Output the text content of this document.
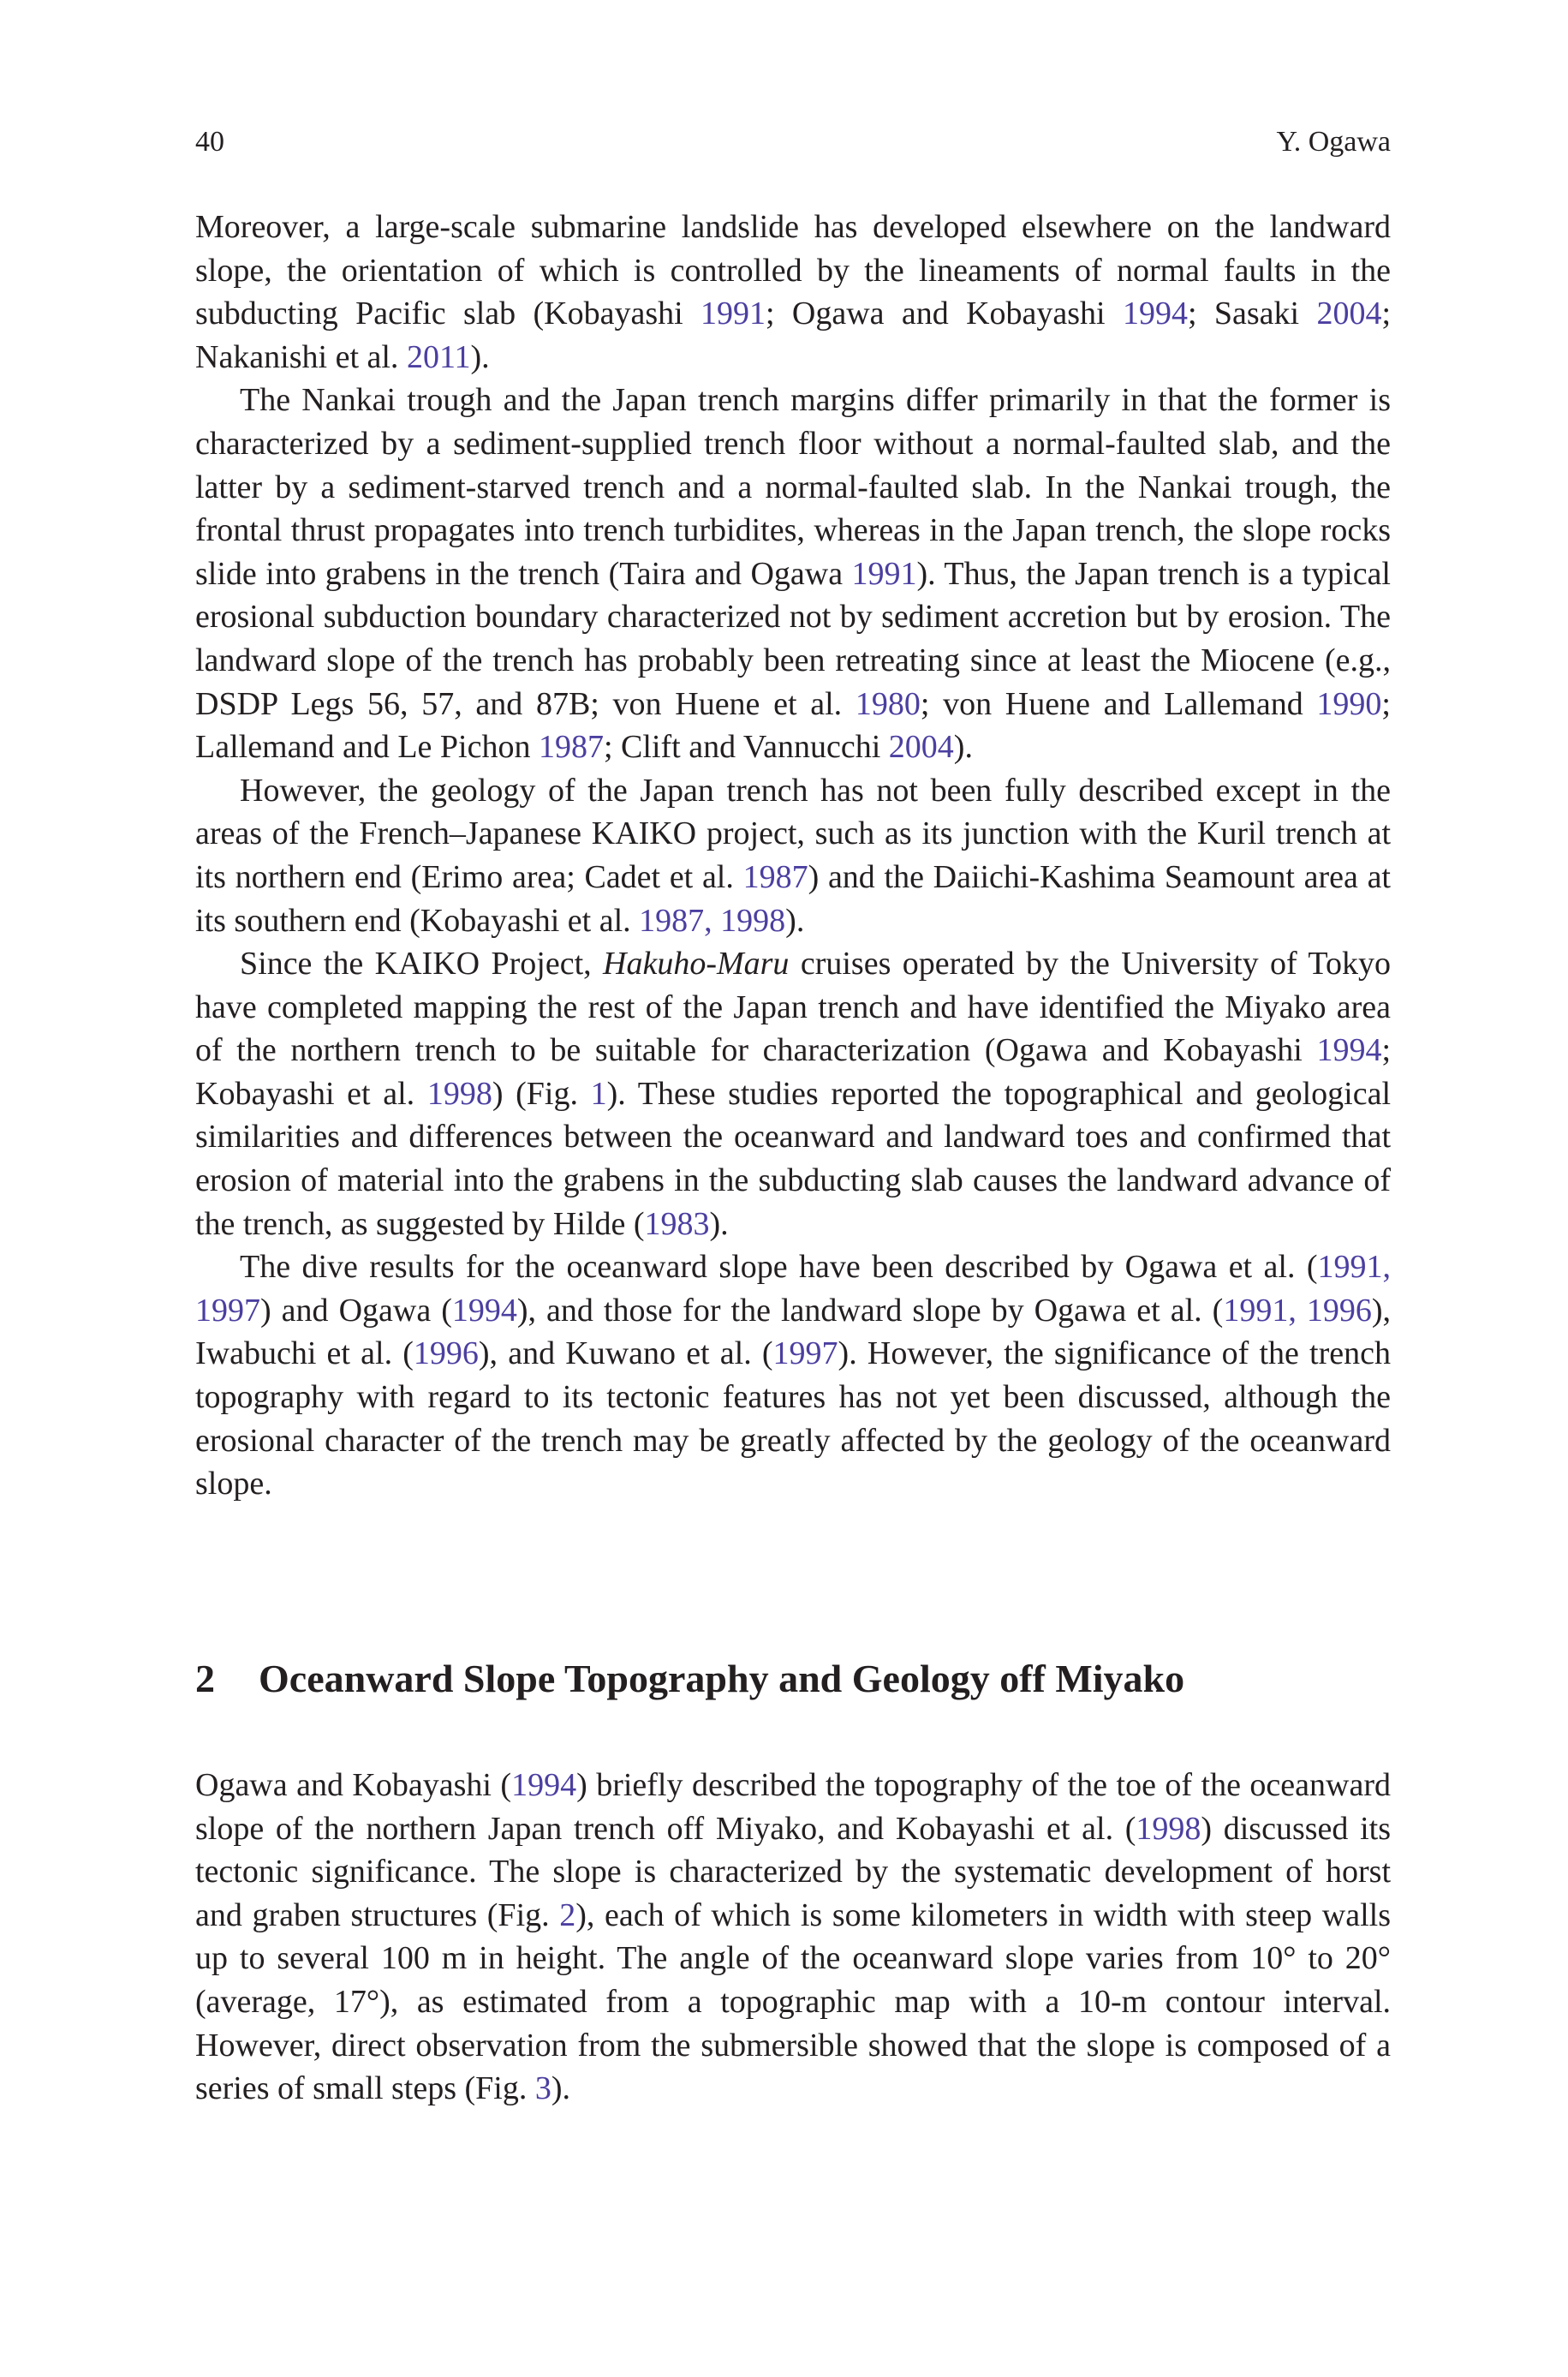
40	Y. Ogawa

Moreover, a large-scale submarine landslide has developed elsewhere on the landward slope, the orientation of which is controlled by the lineaments of normal faults in the subducting Pacific slab (Kobayashi 1991; Ogawa and Kobayashi 1994; Sasaki 2004; Nakanishi et al. 2011).

The Nankai trough and the Japan trench margins differ primarily in that the former is characterized by a sediment-supplied trench floor without a normal-faulted slab, and the latter by a sediment-starved trench and a normal-faulted slab. In the Nankai trough, the frontal thrust propagates into trench turbidites, whereas in the Japan trench, the slope rocks slide into grabens in the trench (Taira and Ogawa 1991). Thus, the Japan trench is a typical erosional subduction boundary characterized not by sediment accretion but by erosion. The landward slope of the trench has probably been retreating since at least the Miocene (e.g., DSDP Legs 56, 57, and 87B; von Huene et al. 1980; von Huene and Lallemand 1990; Lallemand and Le Pichon 1987; Clift and Vannucchi 2004).

However, the geology of the Japan trench has not been fully described except in the areas of the French–Japanese KAIKO project, such as its junction with the Kuril trench at its northern end (Erimo area; Cadet et al. 1987) and the Daiichi-Kashima Seamount area at its southern end (Kobayashi et al. 1987, 1998).

Since the KAIKO Project, Hakuho-Maru cruises operated by the University of Tokyo have completed mapping the rest of the Japan trench and have identified the Miyako area of the northern trench to be suitable for characterization (Ogawa and Kobayashi 1994; Kobayashi et al. 1998) (Fig. 1). These studies reported the topographical and geological similarities and differences between the oceanward and landward toes and confirmed that erosion of material into the grabens in the subducting slab causes the landward advance of the trench, as suggested by Hilde (1983).

The dive results for the oceanward slope have been described by Ogawa et al. (1991, 1997) and Ogawa (1994), and those for the landward slope by Ogawa et al. (1991, 1996), Iwabuchi et al. (1996), and Kuwano et al. (1997). However, the significance of the trench topography with regard to its tectonic features has not yet been discussed, although the erosional character of the trench may be greatly affected by the geology of the oceanward slope.

2 Oceanward Slope Topography and Geology off Miyako

Ogawa and Kobayashi (1994) briefly described the topography of the toe of the oceanward slope of the northern Japan trench off Miyako, and Kobayashi et al. (1998) discussed its tectonic significance. The slope is characterized by the systematic development of horst and graben structures (Fig. 2), each of which is some kilometers in width with steep walls up to several 100 m in height. The angle of the oceanward slope varies from 10° to 20° (average, 17°), as estimated from a topographic map with a 10-m contour interval. However, direct observation from the submersible showed that the slope is composed of a series of small steps (Fig. 3).
